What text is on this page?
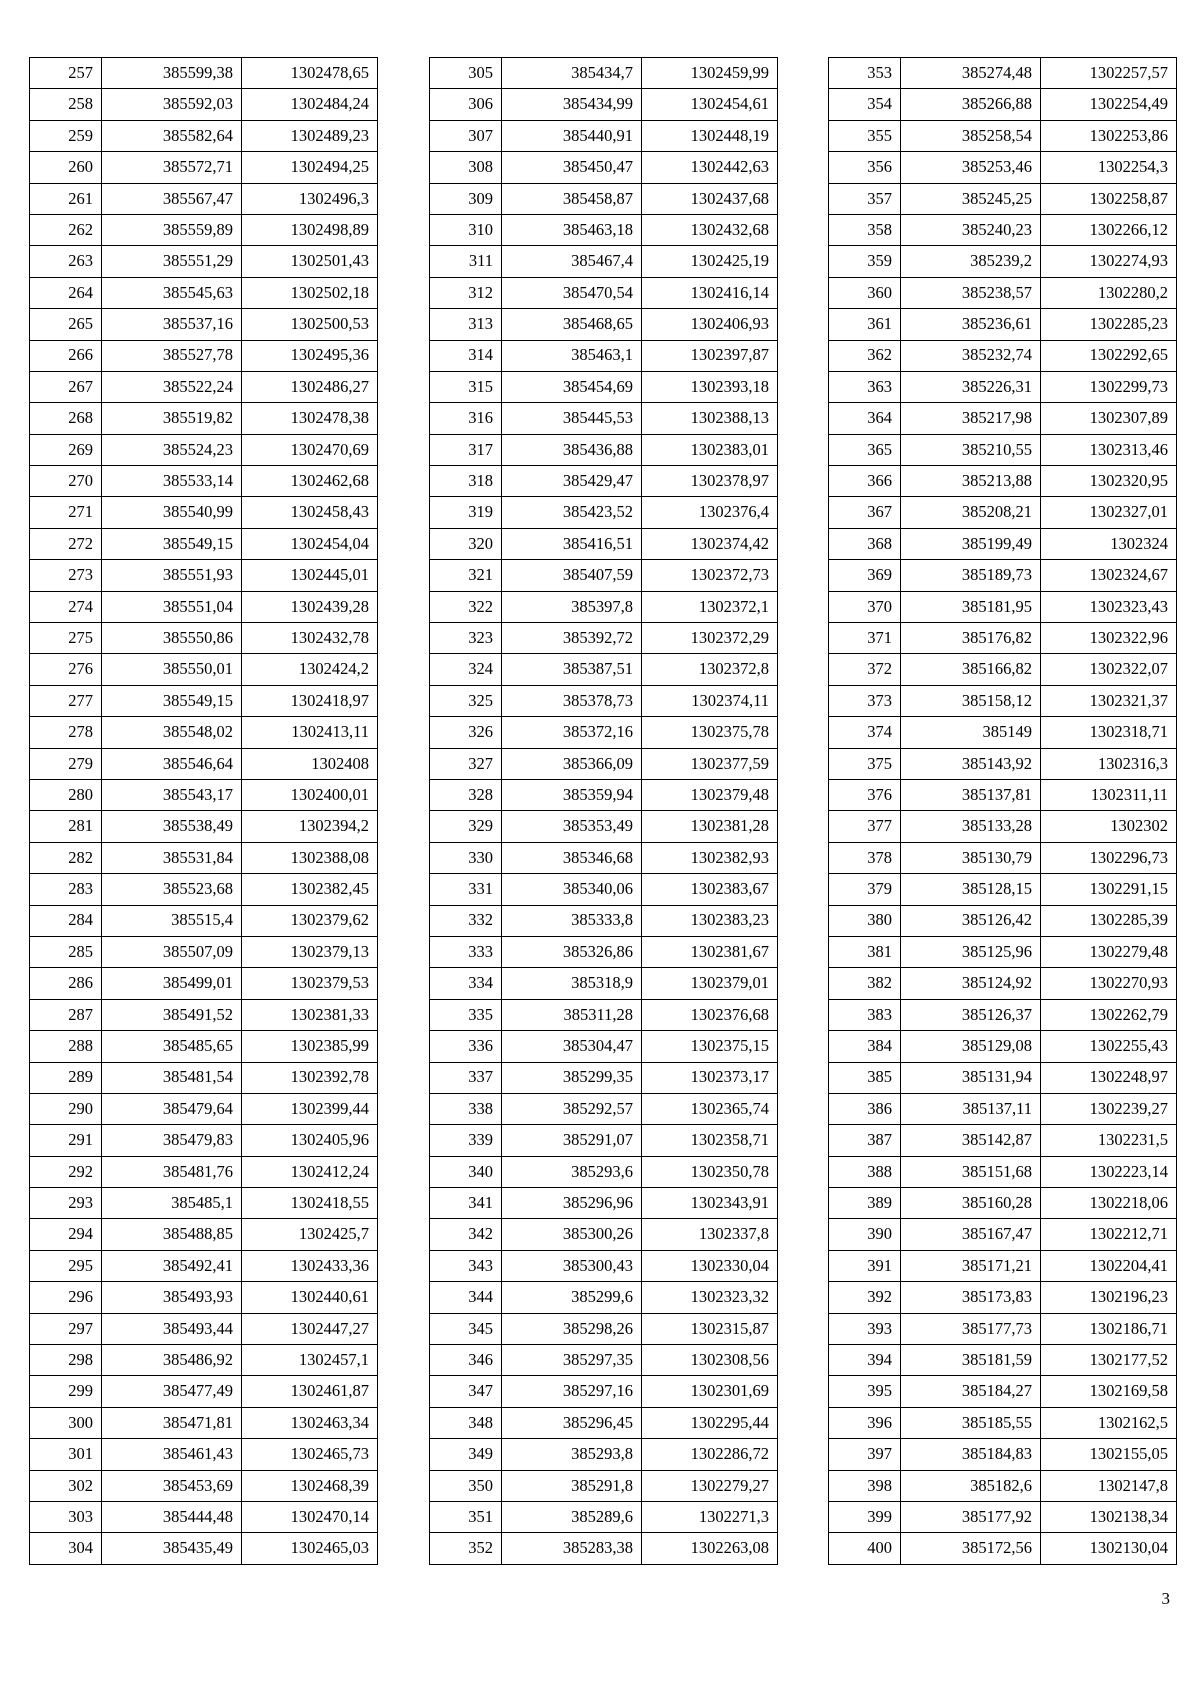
257	385599,38	1302478,65
258	385592,03	1302484,24
259	385582,64	1302489,23
260	385572,71	1302494,25
261	385567,47	1302496,3
262	385559,89	1302498,89
263	385551,29	1302501,43
264	385545,63	1302502,18
265	385537,16	1302500,53
266	385527,78	1302495,36
267	385522,24	1302486,27
268	385519,82	1302478,38
269	385524,23	1302470,69
270	385533,14	1302462,68
271	385540,99	1302458,43
272	385549,15	1302454,04
273	385551,93	1302445,01
274	385551,04	1302439,28
275	385550,86	1302432,78
276	385550,01	1302424,2
277	385549,15	1302418,97
278	385548,02	1302413,11
279	385546,64	1302408
280	385543,17	1302400,01
281	385538,49	1302394,2
282	385531,84	1302388,08
283	385523,68	1302382,45
284	385515,4	1302379,62
285	385507,09	1302379,13
286	385499,01	1302379,53
287	385491,52	1302381,33
288	385485,65	1302385,99
289	385481,54	1302392,78
290	385479,64	1302399,44
291	385479,83	1302405,96
292	385481,76	1302412,24
293	385485,1	1302418,55
294	385488,85	1302425,7
295	385492,41	1302433,36
296	385493,93	1302440,61
297	385493,44	1302447,27
298	385486,92	1302457,1
299	385477,49	1302461,87
300	385471,81	1302463,34
301	385461,43	1302465,73
302	385453,69	1302468,39
303	385444,48	1302470,14
304	385435,49	1302465,03
305	385434,7	1302459,99
306	385434,99	1302454,61
307	385440,91	1302448,19
308	385450,47	1302442,63
309	385458,87	1302437,68
310	385463,18	1302432,68
311	385467,4	1302425,19
312	385470,54	1302416,14
313	385468,65	1302406,93
314	385463,1	1302397,87
315	385454,69	1302393,18
316	385445,53	1302388,13
317	385436,88	1302383,01
318	385429,47	1302378,97
319	385423,52	1302376,4
320	385416,51	1302374,42
321	385407,59	1302372,73
322	385397,8	1302372,1
323	385392,72	1302372,29
324	385387,51	1302372,8
325	385378,73	1302374,11
326	385372,16	1302375,78
327	385366,09	1302377,59
328	385359,94	1302379,48
329	385353,49	1302381,28
330	385346,68	1302382,93
331	385340,06	1302383,67
332	385333,8	1302383,23
333	385326,86	1302381,67
334	385318,9	1302379,01
335	385311,28	1302376,68
336	385304,47	1302375,15
337	385299,35	1302373,17
338	385292,57	1302365,74
339	385291,07	1302358,71
340	385293,6	1302350,78
341	385296,96	1302343,91
342	385300,26	1302337,8
343	385300,43	1302330,04
344	385299,6	1302323,32
345	385298,26	1302315,87
346	385297,35	1302308,56
347	385297,16	1302301,69
348	385296,45	1302295,44
349	385293,8	1302286,72
350	385291,8	1302279,27
351	385289,6	1302271,3
352	385283,38	1302263,08
353	385274,48	1302257,57
354	385266,88	1302254,49
355	385258,54	1302253,86
356	385253,46	1302254,3
357	385245,25	1302258,87
358	385240,23	1302266,12
359	385239,2	1302274,93
360	385238,57	1302280,2
361	385236,61	1302285,23
362	385232,74	1302292,65
363	385226,31	1302299,73
364	385217,98	1302307,89
365	385210,55	1302313,46
366	385213,88	1302320,95
367	385208,21	1302327,01
368	385199,49	1302324
369	385189,73	1302324,67
370	385181,95	1302323,43
371	385176,82	1302322,96
372	385166,82	1302322,07
373	385158,12	1302321,37
374	385149	1302318,71
375	385143,92	1302316,3
376	385137,81	1302311,11
377	385133,28	1302302
378	385130,79	1302296,73
379	385128,15	1302291,15
380	385126,42	1302285,39
381	385125,96	1302279,48
382	385124,92	1302270,93
383	385126,37	1302262,79
384	385129,08	1302255,43
385	385131,94	1302248,97
386	385137,11	1302239,27
387	385142,87	1302231,5
388	385151,68	1302223,14
389	385160,28	1302218,06
390	385167,47	1302212,71
391	385171,21	1302204,41
392	385173,83	1302196,23
393	385177,73	1302186,71
394	385181,59	1302177,52
395	385184,27	1302169,58
396	385185,55	1302162,5
397	385184,83	1302155,05
398	385182,6	1302147,8
399	385177,92	1302138,34
400	385172,56	1302130,04
3
